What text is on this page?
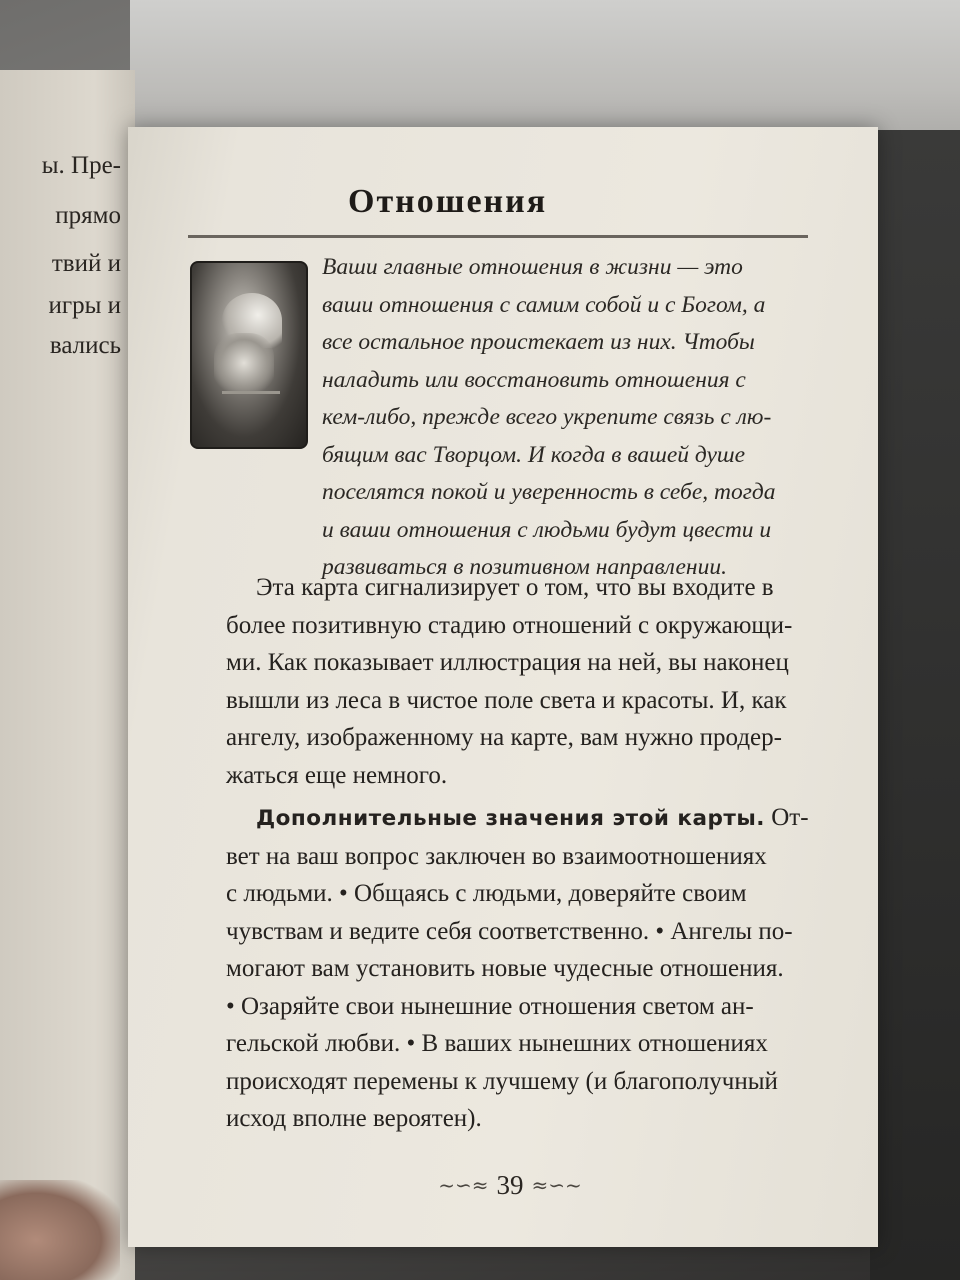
ы. Пре-
прямо
твий и
игры и
вались
Отношения

Ваши главные отношения в жизни — это
ваши отношения с самим собой и с Богом, а
все остальное проистекает из них. Чтобы
наладить или восстановить отношения с
кем-либо, прежде всего укрепите связь с лю-
бящим вас Творцом. И когда в вашей душе
поселятся покой и уверенность в себе, тогда
и ваши отношения с людьми будут цвести и
развиваться в позитивном направлении.

Эта карта сигнализирует о том, что вы входите в
более позитивную стадию отношений с окружающи-
ми. Как показывает иллюстрация на ней, вы наконец
вышли из леса в чистое поле света и красоты. И, как
ангелу, изображенному на карте, вам нужно продер-
жаться еще немного.
Дополнительные значения этой карты. От-
вет на ваш вопрос заключен во взаимоотношениях
с людьми. • Общаясь с людьми, доверяйте своим
чувствам и ведите себя соответственно. • Ангелы по-
могают вам установить новые чудесные отношения.
• Озаряйте свои нынешние отношения светом ан-
гельской любви. • В ваших нынешних отношениях
происходят перемены к лучшему (и благополучный
исход вполне вероятен).
~∽≈ 39 ≈∽~
